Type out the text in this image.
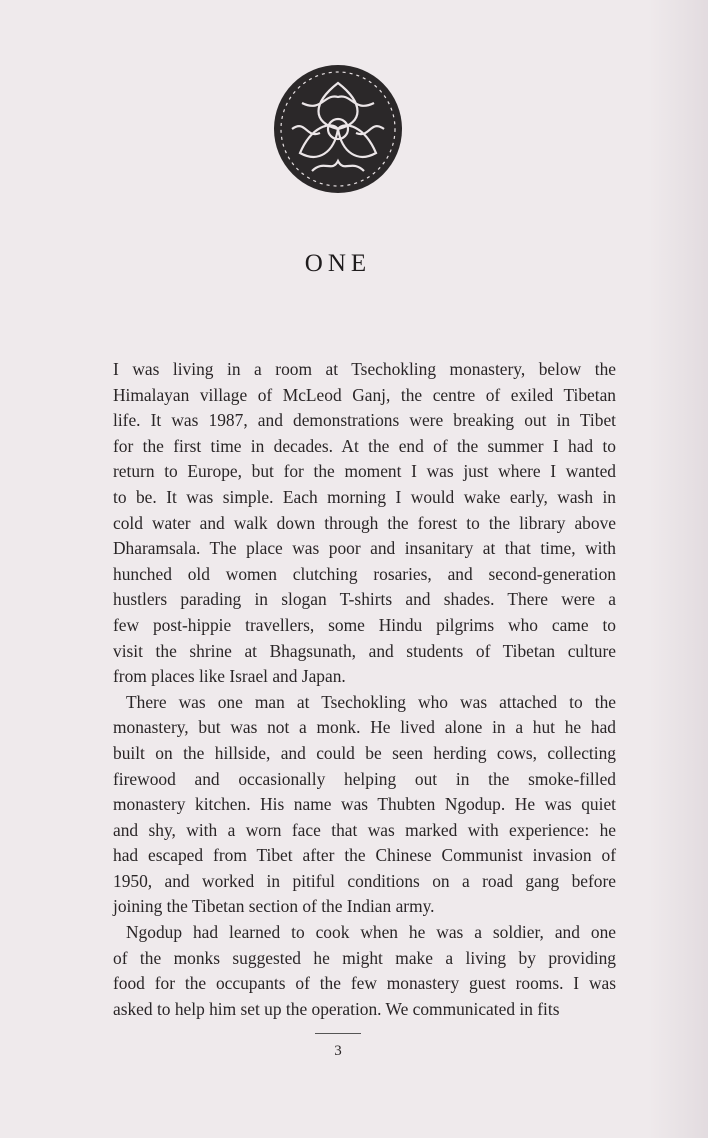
ONE
I was living in a room at Tsechokling monastery, below the
Himalayan village of McLeod Ganj, the centre of exiled Tibetan
life. It was 1987, and demonstrations were breaking out in Tibet
for the first time in decades. At the end of the summer I had to
return to Europe, but for the moment I was just where I wanted
to be. It was simple. Each morning I would wake early, wash in
cold water and walk down through the forest to the library above
Dharamsala. The place was poor and insanitary at that time, with
hunched old women clutching rosaries, and second-generation
hustlers parading in slogan T-shirts and shades. There were a
few post-hippie travellers, some Hindu pilgrims who came to
visit the shrine at Bhagsunath, and students of Tibetan culture
from places like Israel and Japan.
There was one man at Tsechokling who was attached to the
monastery, but was not a monk. He lived alone in a hut he had
built on the hillside, and could be seen herding cows, collecting
firewood and occasionally helping out in the smoke-filled
monastery kitchen. His name was Thubten Ngodup. He was quiet
and shy, with a worn face that was marked with experience: he
had escaped from Tibet after the Chinese Communist invasion of
1950, and worked in pitiful conditions on a road gang before
joining the Tibetan section of the Indian army.
Ngodup had learned to cook when he was a soldier, and one
of the monks suggested he might make a living by providing
food for the occupants of the few monastery guest rooms. I was
asked to help him set up the operation. We communicated in fits
3
